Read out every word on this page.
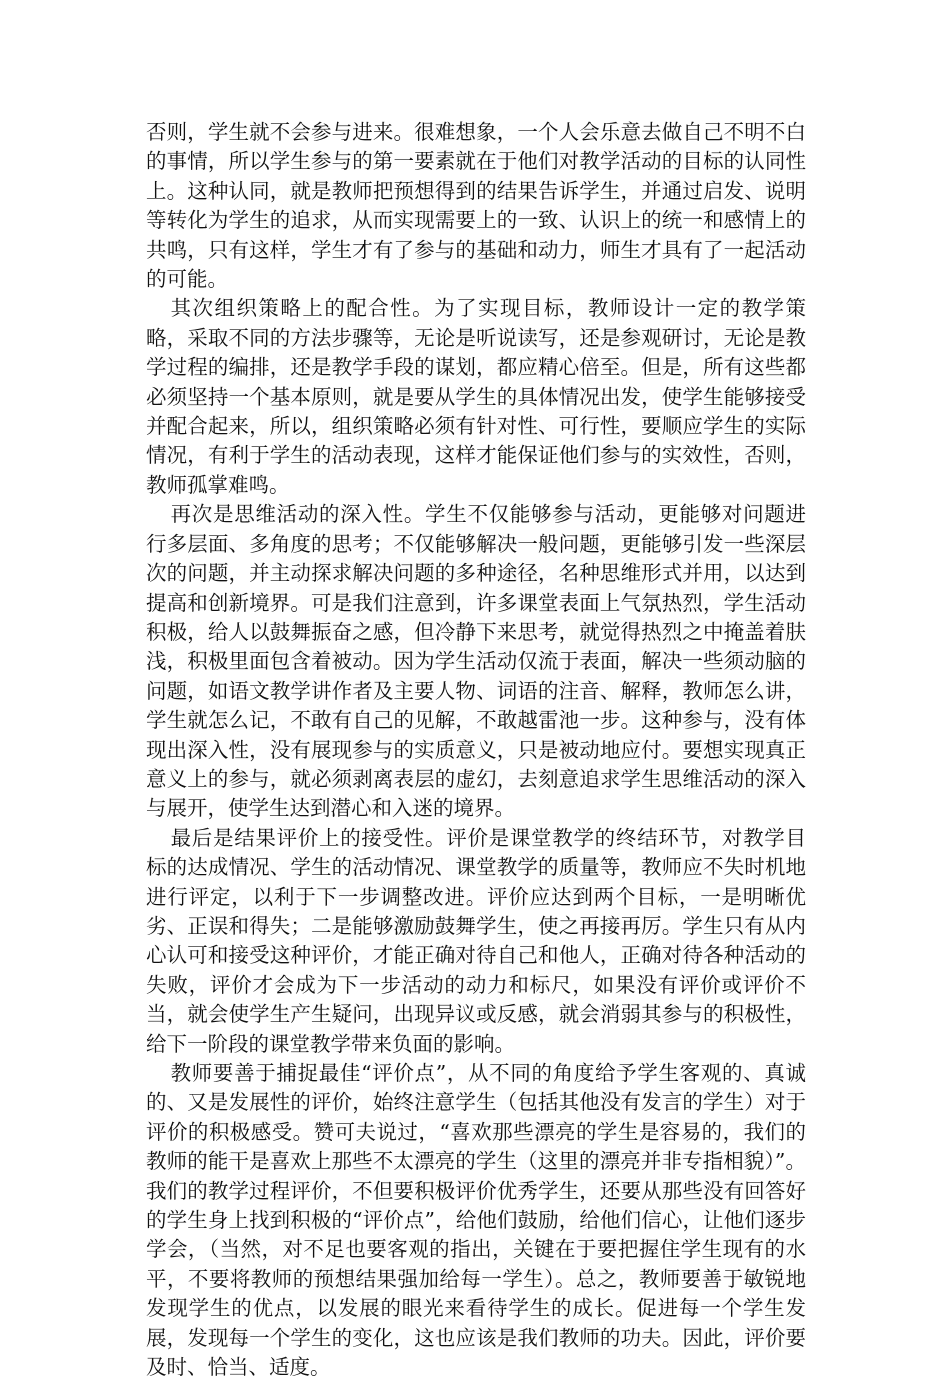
否则，学生就不会参与进来。很难想象，一个人会乐意去做自己不明不白的事情，所以学生参与的第一要素就在于他们对教学活动的目标的认同性上。这种认同，就是教师把预想得到的结果告诉学生，并通过启发、说明等转化为学生的追求，从而实现需要上的一致、认识上的统一和感情上的共鸣，只有这样，学生才有了参与的基础和动力，师生才具有了一起活动的可能。

其次组织策略上的配合性。为了实现目标，教师设计一定的教学策略，采取不同的方法步骤等，无论是听说读写，还是参观研讨，无论是教学过程的编排，还是教学手段的谋划，都应精心倍至。但是，所有这些都必须坚持一个基本原则，就是要从学生的具体情况出发，使学生能够接受并配合起来，所以，组织策略必须有针对性、可行性，要顺应学生的实际情况，有利于学生的活动表现，这样才能保证他们参与的实效性，否则，教师孤掌难鸣。

再次是思维活动的深入性。学生不仅能够参与活动，更能够对问题进行多层面、多角度的思考；不仅能够解决一般问题，更能够引发一些深层次的问题，并主动探求解决问题的多种途径，名种思维形式并用，以达到提高和创新境界。可是我们注意到，许多课堂表面上气氛热烈，学生活动积极，给人以鼓舞振奋之感，但冷静下来思考，就觉得热烈之中掩盖着肤浅，积极里面包含着被动。因为学生活动仅流于表面，解决一些须动脑的问题，如语文教学讲作者及主要人物、词语的注音、解释，教师怎么讲，学生就怎么记，不敢有自己的见解，不敢越雷池一步。这种参与，没有体现出深入性，没有展现参与的实质意义，只是被动地应付。要想实现真正意义上的参与，就必须剥离表层的虚幻，去刻意追求学生思维活动的深入与展开，使学生达到潜心和入迷的境界。

最后是结果评价上的接受性。评价是课堂教学的终结环节，对教学目标的达成情况、学生的活动情况、课堂教学的质量等，教师应不失时机地进行评定，以利于下一步调整改进。评价应达到两个目标，一是明晰优劣、正误和得失；二是能够激励鼓舞学生，使之再接再厉。学生只有从内心认可和接受这种评价，才能正确对待自己和他人，正确对待各种活动的失败，评价才会成为下一步活动的动力和标尺，如果没有评价或评价不当，就会使学生产生疑问，出现异议或反感，就会消弱其参与的积极性，给下一阶段的课堂教学带来负面的影响。

教师要善于捕捉最佳“评价点”，从不同的角度给予学生客观的、真诚的、又是发展性的评价，始终注意学生（包括其他没有发言的学生）对于评价的积极感受。赞可夫说过，“喜欢那些漂亮的学生是容易的，我们的教师的能干是喜欢上那些不太漂亮的学生（这里的漂亮并非专指相貌）”。我们的教学过程评价，不但要积极评价优秀学生，还要从那些没有回答好的学生身上找到积极的“评价点”，给他们鼓励，给他们信心，让他们逐步学会，（当然，对不足也要客观的指出，关键在于要把握住学生现有的水平，不要将教师的预想结果强加给每一学生）。总之，教师要善于敏锐地发现学生的优点，以发展的眼光来看待学生的成长。促进每一个学生发展，发现每一个学生的变化，这也应该是我们教师的功夫。因此，评价要及时、恰当、适度。
